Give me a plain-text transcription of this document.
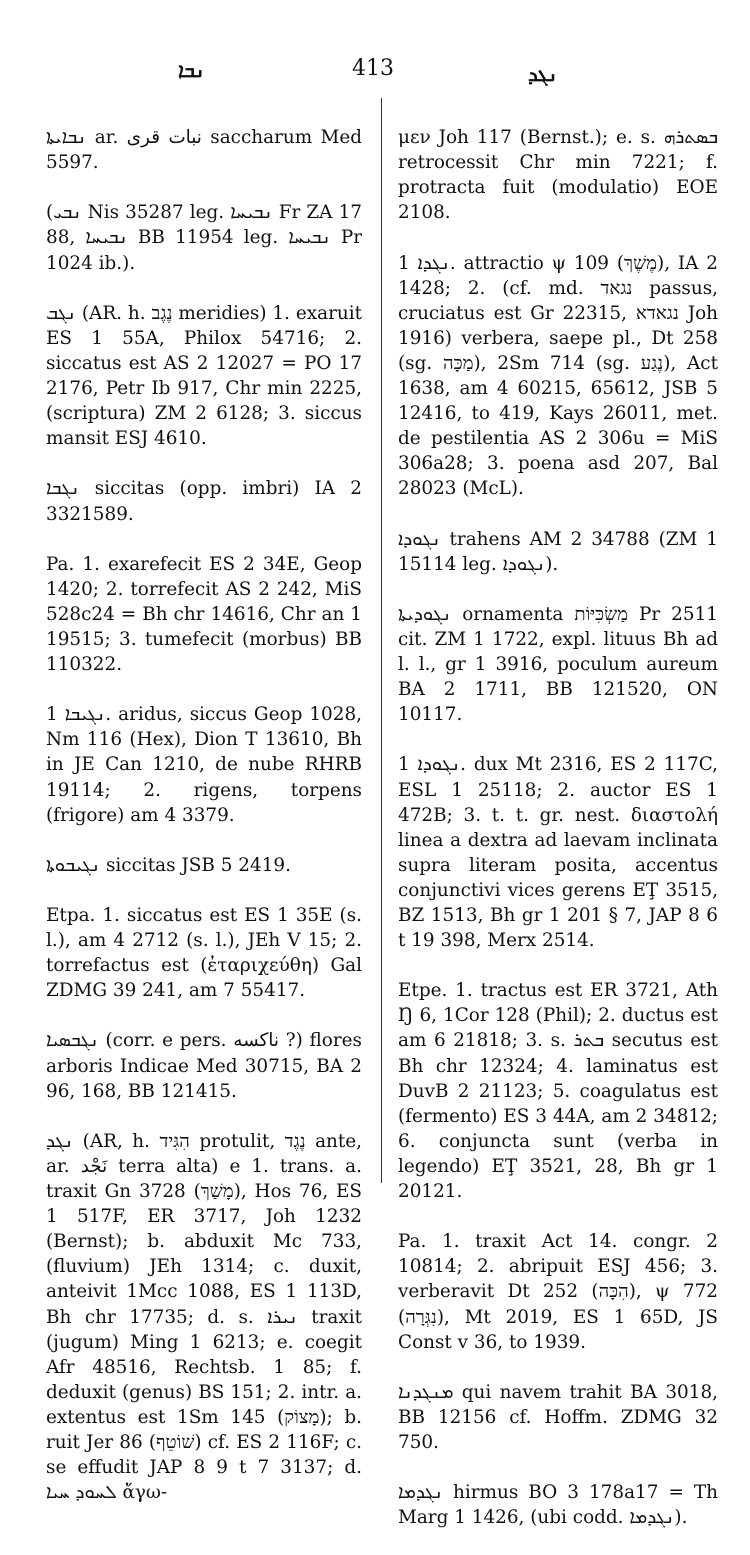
ܢܒܐ	413	ܢܓܕ

ܢܒܐܝܬܐ ar. نبات قرى saccharum Med 5597.

(ܢܒܝ Nis 35287 leg. ܢܒܝܚܐ Fr ZA 17 88, ܢܒܝܚܐ BB 11954 leg. ܢܒܝܚܐ Pr 1024 ib.).

ܢܓܒ (AR. h. נֶגֶב meridies) 1. exaruit ES 1 55A, Philox 54716; 2. siccatus est AS 2 12027 = PO 17 2176, Petr Ib 917, Chr min 2225, (scriptura) ZM 2 6128; 3. siccus mansit ESJ 4610.

ܢܓܒܐ siccitas (opp. imbri) IA 2 3321589.

Pa. 1. exarefecit ES 2 34E, Geop 1420; 2. torrefecit AS 2 242, MiS 528c24 = Bh chr 14616, Chr an 1 19515; 3. tumefecit (morbus) BB 110322.

ܢܓܝܒܐ 1. aridus, siccus Geop 1028, Nm 116 (Hex), Dion T 13610, Bh in JE Can 1210, de nube RHRB 19114; 2. rigens, torpens (frigore) am 4 3379.

ܢܓܝܒܘܬܐ siccitas JSB 5 2419.

Etpa. 1. siccatus est ES 1 35E (s. l.), am 4 2712 (s. l.), JEh V 15; 2. torrefactus est (ἐταριχεύθη) Gal ZDMG 39 241, am 7 55417.

ܢܓܒܣܝܐ (corr. e pers. ناکسه ?) flores arboris Indicae Med 30715, BA 2 96, 168, BB 121415.

ܢܓܕ (AR, h. הִגִּיד protulit, נֶגֶד ante, ar. نَجْد terra alta) e 1. trans. a. traxit Gn 3728 (מָשַׁךְ), Hos 76, ES 1 517F, ER 3717, Joh 1232 (Bernst); b. abduxit Mc 733, (fluvium) JEh 1314; c. duxit, anteivit 1Mcc 1088, ES 1 113D, Bh chr 17735; d. s. ܢܝܪܐ traxit (jugum) Ming 1 6213; e. coegit Afr 48516, Rechtsb. 1 85; f. deduxit (genus) BS 151; 2. intr. a. extentus est 1Sm 145 (מָצוֹק); b. ruit Jer 86 (שׁוֹטֵף) cf. ES 2 116F; c. se effudit JAP 8 9 t 7 3137; d. ܠܚܘܕ ܚܝܐ ἄγω-

μεν Joh 117 (Bernst.); e. s. ܒܣܬܪܗ retrocessit Chr min 7221; f. protracta fuit (modulatio) EOE 2108.

ܢܓܕܐ 1. attractio ψ 109 (מֶשֶׁךְ), IA 2 1428; 2. (cf. md. נגאד passus, cruciatus est Gr 22315, נגאדא Joh 1916) verbera, saepe pl., Dt 258 (sg. מַכָּה), 2Sm 714 (sg. נֶגַע), Act 1638, am 4 60215, 65612, JSB 5 12416, to 419, Kays 26011, met. de pestilentia AS 2 306u = MiS 306a28; 3. poena asd 207, Bal 28023 (McL).

ܢܓܘܕܐ trahens AM 2 34788 (ZM 1 15114 leg. ܢܓܘܕܐ).

ܢܓܘܕܝܬܐ ornamenta מַשְׂכִּיּוֹת Pr 2511 cit. ZM 1 1722, expl. lituus Bh ad l. l., gr 1 3916, poculum aureum BA 2 1711, BB 121520, ON 10117.

ܢܓܘܕܐ 1. dux Mt 2316, ES 2 117C, ESL 1 25118; 2. auctor ES 1 472B; 3. t. t. gr. nest. διαστολή linea a dextra ad laevam inclinata supra literam posita, accentus conjunctivi vices gerens EŢ 3515, BZ 1513, Bh gr 1 201 § 7, JAP 8 6 t 19 398, Merx 2514.

Etpe. 1. tractus est ER 3721, Ath Ŋ 6, 1Cor 128 (Phil); 2. ductus est am 6 21818; 3. s. ܒܬܪ secutus est Bh chr 12324; 4. laminatus est DuvB 2 21123; 5. coagulatus est (fermento) ES 3 44A, am 2 34812; 6. conjuncta sunt (verba in legendo) EŢ 3521, 28, Bh gr 1 20121.

Pa. 1. traxit Act 14. congr. 2 10814; 2. abripuit ESJ 456; 3. verberavit Dt 252 (הִכָּה), ψ 772 (נִגְּרָה), Mt 2019, ES 1 65D, JS Const v 36, to 1939.

ܡܢܓܕܢܐ qui navem trahit BA 3018, BB 12156 cf. Hoffm. ZDMG 32 750.

ܢܓܕܡܐ hirmus BO 3 178a17 = Th Marg 1 1426, (ubi codd. ܢܓܕܡܐ).
